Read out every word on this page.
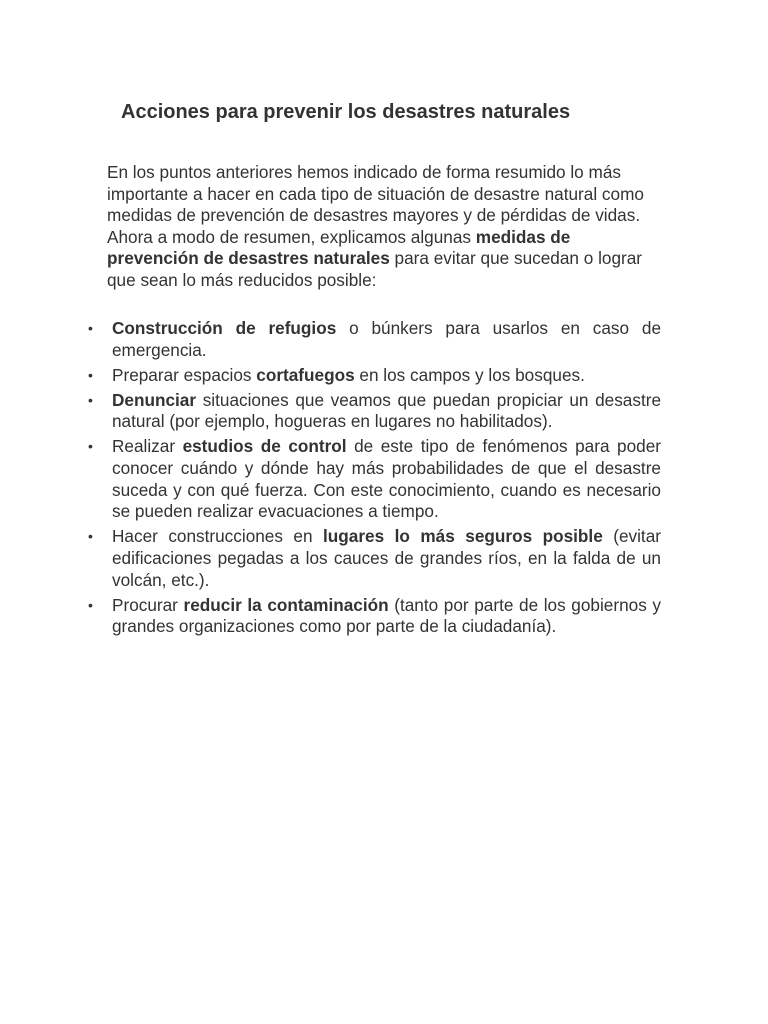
Acciones para prevenir los desastres naturales

En los puntos anteriores hemos indicado de forma resumido lo más importante a hacer en cada tipo de situación de desastre natural como medidas de prevención de desastres mayores y de pérdidas de vidas. Ahora a modo de resumen, explicamos algunas medidas de prevención de desastres naturales para evitar que sucedan o lograr que sean lo más reducidos posible:

• Construcción de refugios o búnkers para usarlos en caso de emergencia.
• Preparar espacios cortafuegos en los campos y los bosques.
• Denunciar situaciones que veamos que puedan propiciar un desastre natural (por ejemplo, hogueras en lugares no habilitados).
• Realizar estudios de control de este tipo de fenómenos para poder conocer cuándo y dónde hay más probabilidades de que el desastre suceda y con qué fuerza. Con este conocimiento, cuando es necesario se pueden realizar evacuaciones a tiempo.
• Hacer construcciones en lugares lo más seguros posible (evitar edificaciones pegadas a los cauces de grandes ríos, en la falda de un volcán, etc.).
• Procurar reducir la contaminación (tanto por parte de los gobiernos y grandes organizaciones como por parte de la ciudadanía).
